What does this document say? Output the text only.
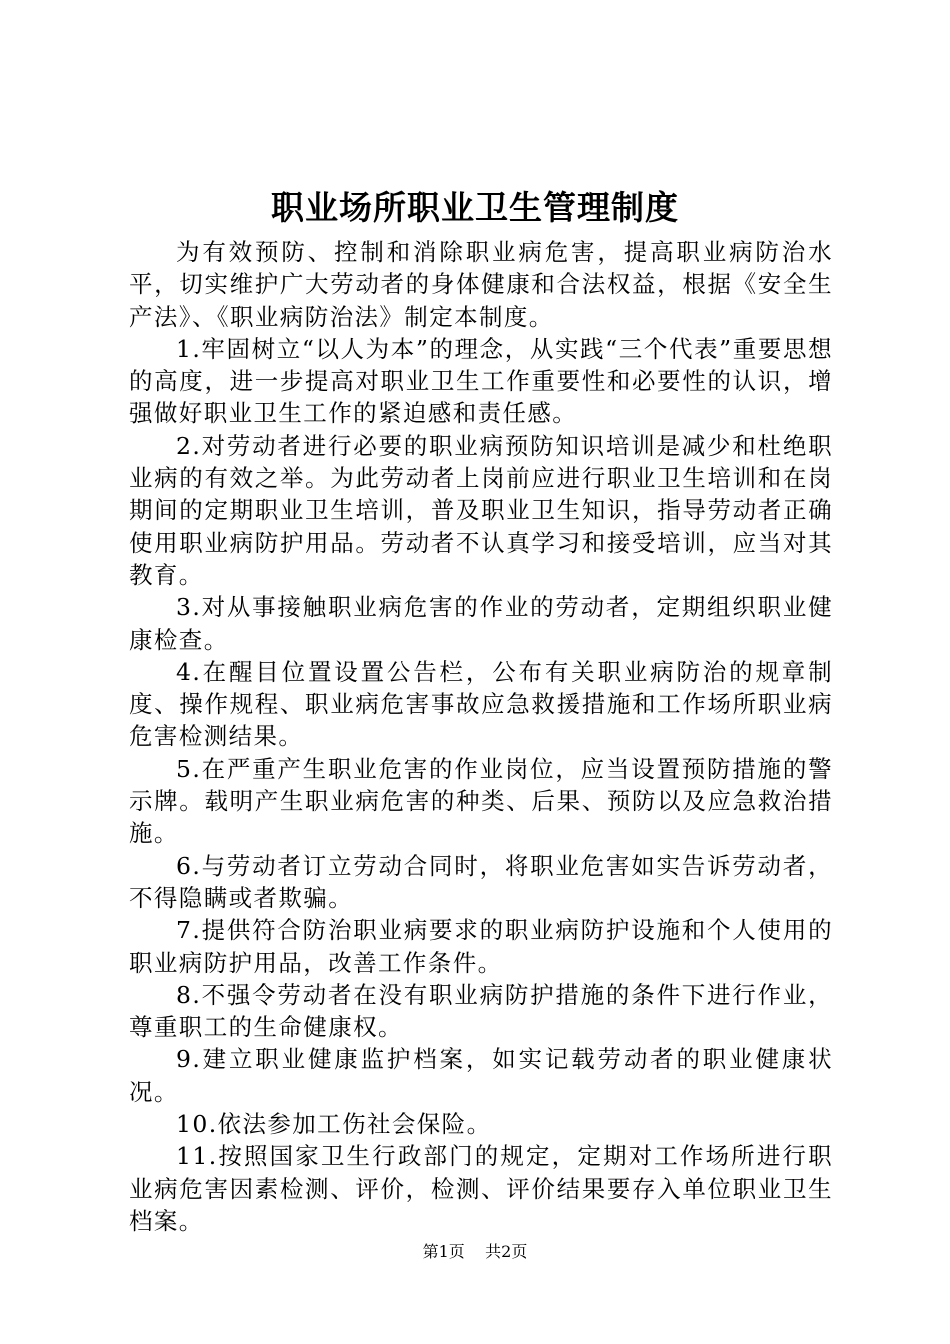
职业场所职业卫生管理制度

为有效预防、控制和消除职业病危害，提高职业病防治水平，切实维护广大劳动者的身体健康和合法权益，根据《安全生产法》、《职业病防治法》制定本制度。

1.牢固树立“以人为本”的理念，从实践“三个代表”重要思想的高度，进一步提高对职业卫生工作重要性和必要性的认识，增强做好职业卫生工作的紧迫感和责任感。

2.对劳动者进行必要的职业病预防知识培训是减少和杜绝职业病的有效之举。为此劳动者上岗前应进行职业卫生培训和在岗期间的定期职业卫生培训，普及职业卫生知识，指导劳动者正确使用职业病防护用品。劳动者不认真学习和接受培训，应当对其教育。

3.对从事接触职业病危害的作业的劳动者，定期组织职业健康检查。

4.在醒目位置设置公告栏，公布有关职业病防治的规章制度、操作规程、职业病危害事故应急救援措施和工作场所职业病危害检测结果。

5.在严重产生职业危害的作业岗位，应当设置预防措施的警示牌。载明产生职业病危害的种类、后果、预防以及应急救治措施。

6.与劳动者订立劳动合同时，将职业危害如实告诉劳动者，不得隐瞒或者欺骗。

7.提供符合防治职业病要求的职业病防护设施和个人使用的职业病防护用品，改善工作条件。

8.不强令劳动者在没有职业病防护措施的条件下进行作业，尊重职工的生命健康权。

9.建立职业健康监护档案，如实记载劳动者的职业健康状况。

10.依法参加工伤社会保险。

11.按照国家卫生行政部门的规定，定期对工作场所进行职业病危害因素检测、评价，检测、评价结果要存入单位职业卫生档案。

第1页 共2页
